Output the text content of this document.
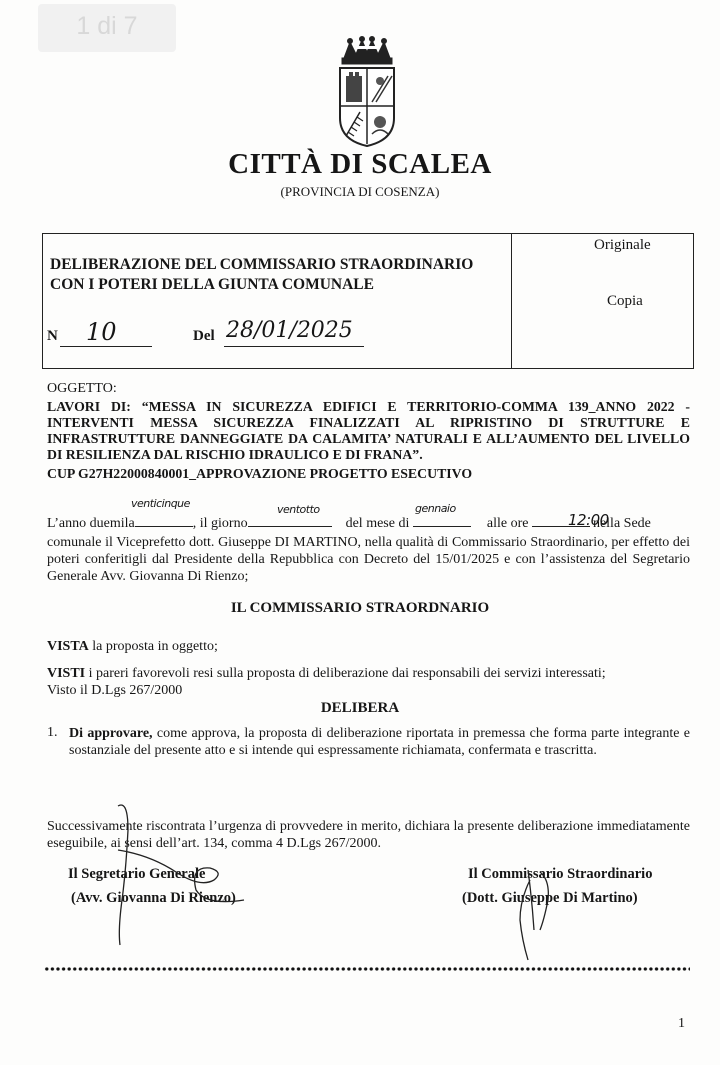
1 di 7
CITTÀ DI SCALEA
(PROVINCIA DI COSENZA)
DELIBERAZIONE DEL COMMISSARIO STRAORDINARIO
CON I POTERI DELLA GIUNTA COMUNALE
Originale
Copia
N 10	Del 28/01/2025
OGGETTO:
LAVORI DI: “MESSA IN SICUREZZA EDIFICI E TERRITORIO-COMMA 139_ANNO 2022 - INTERVENTI MESSA SICUREZZA FINALIZZATI AL RIPRISTINO DI STRUTTURE E INFRASTRUTTURE DANNEGGIATE DA CALAMITA’ NATURALI E ALL’AUMENTO DEL LIVELLO DI RESILIENZA DAL RISCHIO IDRAULICO E DI FRANA”.
CUP G27H22000840001_APPROVAZIONE PROGETTO ESECUTIVO
venticinque	ventotto	gennaio
12:00
L’anno duemila	, il giorno	del mese di	alle ore	nella Sede
comunale il Viceprefetto dott. Giuseppe DI MARTINO, nella qualità di Commissario Straordinario, per effetto dei poteri conferitigli dal Presidente della Repubblica con Decreto del 15/01/2025 e con l’assistenza del Segretario Generale Avv. Giovanna Di Rienzo;
IL COMMISSARIO STRAORDNARIO
VISTA la proposta in oggetto;
VISTI i pareri favorevoli resi sulla proposta di deliberazione dai responsabili dei servizi interessati;
Visto il D.Lgs 267/2000
DELIBERA
1. Di approvare, come approva, la proposta di deliberazione riportata in premessa che forma parte integrante e sostanziale del presente atto e si intende qui espressamente richiamata, confermata e trascritta.
Successivamente riscontrata l’urgenza di provvedere in merito, dichiara la presente deliberazione immediatamente eseguibile, ai sensi dell’art. 134, comma 4 D.Lgs 267/2000.
Il Segretario Generale
(Avv. Giovanna Di Rienzo)
Il Commissario Straordinario
(Dott. Giuseppe Di Martino)
1
